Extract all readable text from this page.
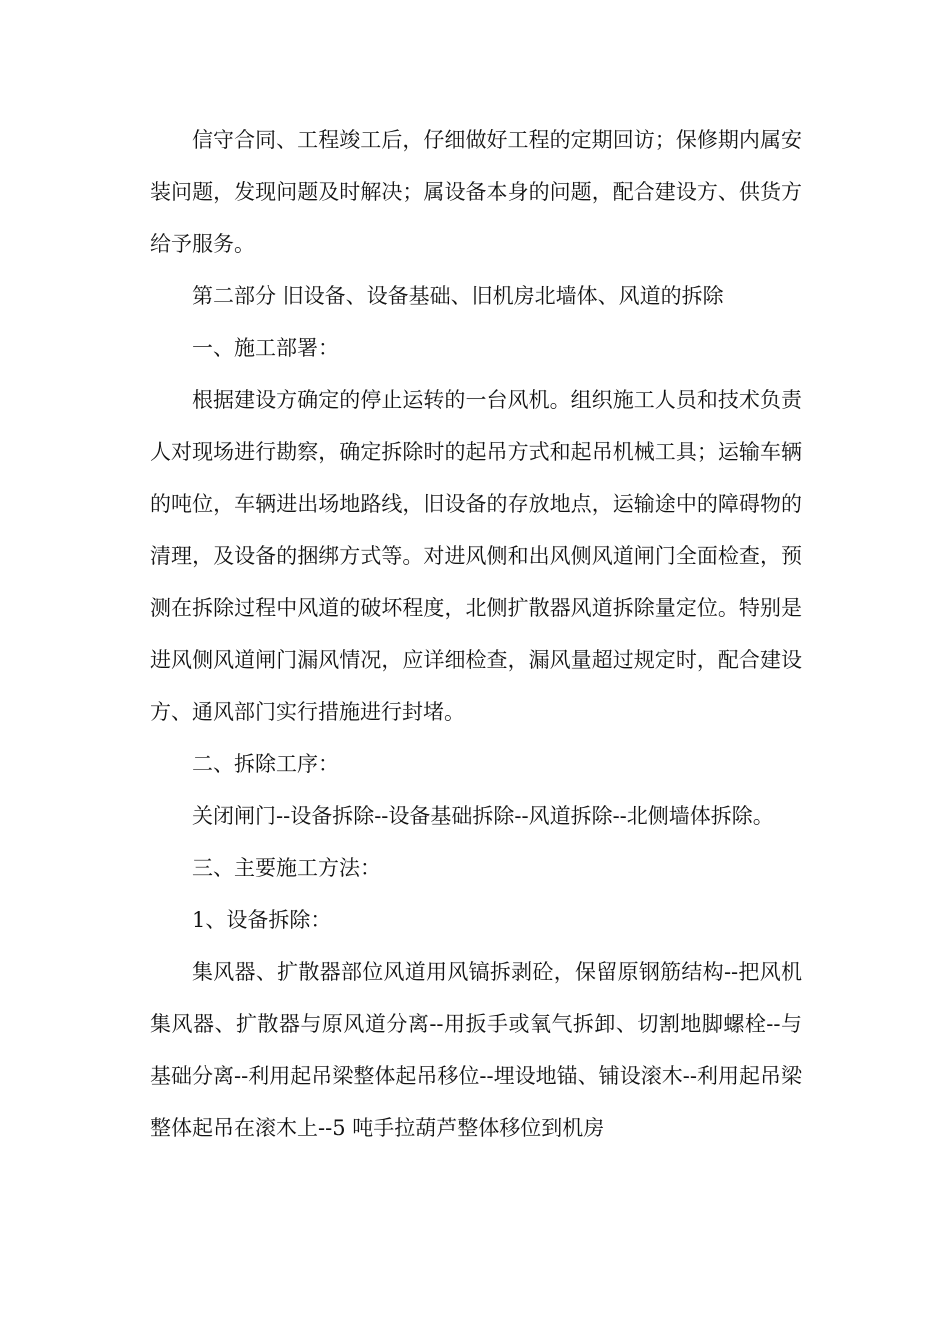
信守合同、工程竣工后，仔细做好工程的定期回访；保修期内属安装问题，发现问题及时解决；属设备本身的问题，配合建设方、供货方给予服务。

第二部分 旧设备、设备基础、旧机房北墙体、风道的拆除

一、施工部署：

根据建设方确定的停止运转的一台风机。组织施工人员和技术负责人对现场进行勘察，确定拆除时的起吊方式和起吊机械工具；运输车辆的吨位，车辆进出场地路线，旧设备的存放地点，运输途中的障碍物的清理，及设备的捆绑方式等。对进风侧和出风侧风道闸门全面检查，预测在拆除过程中风道的破坏程度，北侧扩散器风道拆除量定位。特别是进风侧风道闸门漏风情况，应详细检查，漏风量超过规定时，配合建设方、通风部门实行措施进行封堵。

二、拆除工序：

关闭闸门--设备拆除--设备基础拆除--风道拆除--北侧墙体拆除。

三、主要施工方法：

1、设备拆除：

集风器、扩散器部位风道用风镐拆剥砼，保留原钢筋结构--把风机集风器、扩散器与原风道分离--用扳手或氧气拆卸、切割地脚螺栓--与基础分离--利用起吊梁整体起吊移位--埋设地锚、铺设滚木--利用起吊梁整体起吊在滚木上--5 吨手拉葫芦整体移位到机房
